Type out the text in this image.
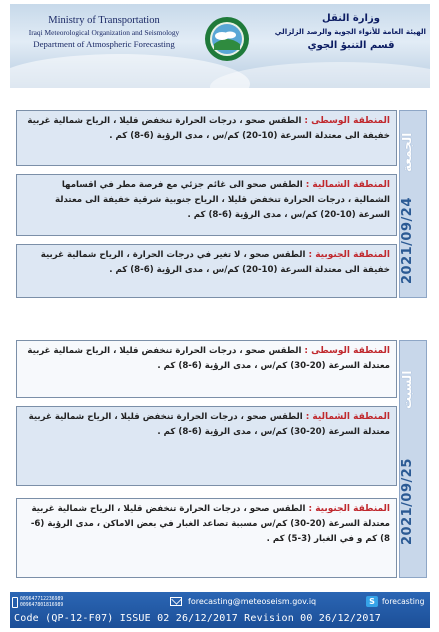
Ministry of Transportation
Iraqi Meteorological Organization and Seismology
Department of Atmospheric Forecasting
وزارة النقل
الهيئة العامة للأنواء الجوية والرصد الزلزالي
قسم التنبؤ الجوي
المنطقة الوسطى : الطقس صحو ، درجات الحرارة تنخفض قليلا ، الرياح شمالية غربية خفيفة الى معتدلة السرعة (10-20) كم/س ، مدى الرؤية (6-8) كم .
المنطقة الشمالية : الطقس صحو الى غائم جزئي مع فرصة مطر في اقسامها الشمالية ، درجات الحرارة تنخفض قليلا ، الرياح جنوبية شرقية خفيفة الى معتدلة السرعة (10-20) كم/س ، مدى الرؤية (6-8) كم .
المنطقة الجنوبية : الطقس صحو ، لا تغير في درجات الحرارة ، الرياح شمالية غربية خفيفة الى معتدلة السرعة (10-20) كم/س ، مدى الرؤية (6-8) كم .
الجمعة
2021/09/24
المنطقة الوسطى : الطقس صحو ، درجات الحرارة تنخفض قليلا ، الرياح شمالية غربية معتدلة السرعة (20-30) كم/س ، مدى الرؤية (6-8) كم .
المنطقة الشمالية : الطقس صحو ، درجات الحرارة تنخفض قليلا ، الرياح شمالية غربية معتدلة السرعة (20-30) كم/س ، مدى الرؤية (6-8) كم .
المنطقة الجنوبية : الطقس صحو ، درجات الحرارة تنخفض قليلا ، الرياح شمالية غربية معتدلة السرعة (20-30) كم/س مسببة تصاعد الغبار في بعض الاماكن ، مدى الرؤية (6-8) كم و في الغبار (3-5) كم .
السبت
2021/09/25
009647712236989
009647801816989	forecasting@meteoseism.gov.iq	S forecasting
Code (QP-12-F07) ISSUE 02 26/12/2017 Revision 00 26/12/2017
